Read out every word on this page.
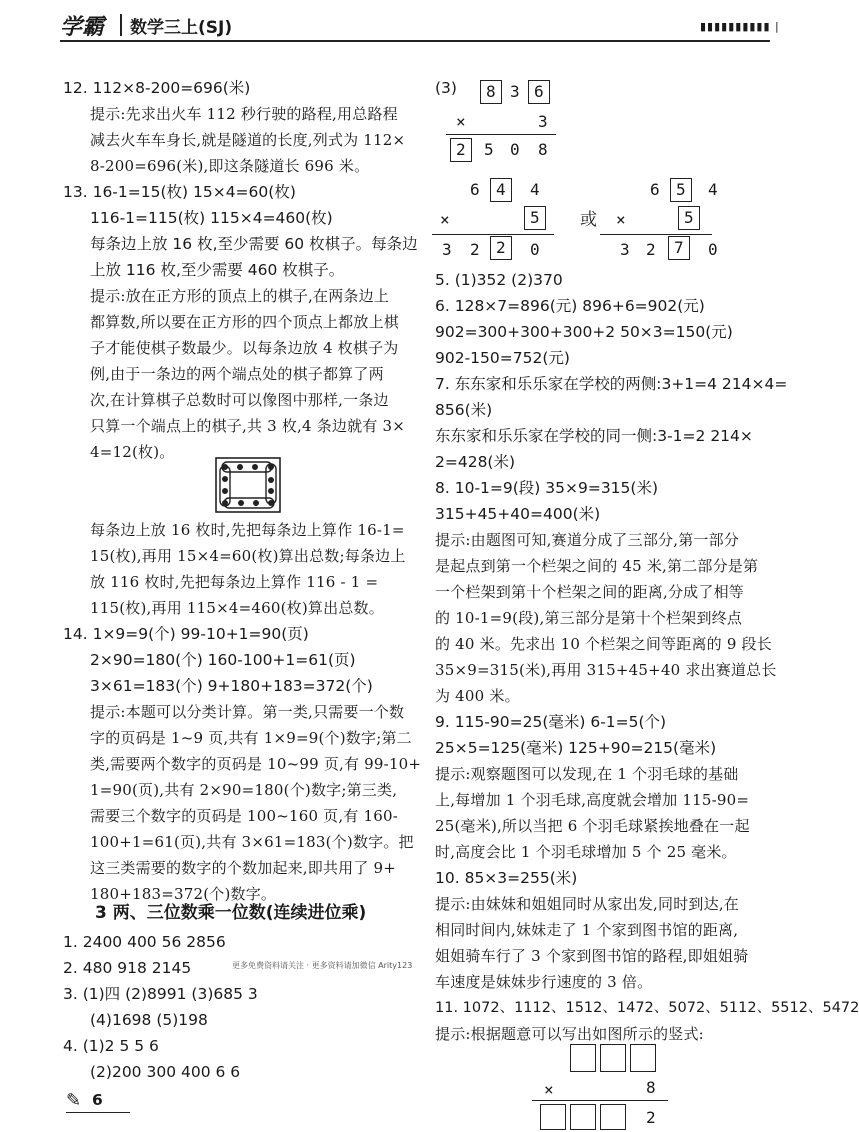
学霸 数学三上(SJ)	▮▮▮▮▮▮▮▮▮▮ |
12. 112×8-200=696(米)
提示:先求出火车 112 秒行驶的路程,用总路程
减去火车车身长,就是隧道的长度,列式为 112×
8-200=696(米),即这条隧道长 696 米。
13. 16-1=15(枚) 15×4=60(枚)
116-1=115(枚) 115×4=460(枚)
每条边上放 16 枚,至少需要 60 枚棋子。每条边
上放 116 枚,至少需要 460 枚棋子。
提示:放在正方形的顶点上的棋子,在两条边上
都算数,所以要在正方形的四个顶点上都放上棋
子才能使棋子数最少。以每条边放 4 枚棋子为
例,由于一条边的两个端点处的棋子都算了两
次,在计算棋子总数时可以像图中那样,一条边
只算一个端点上的棋子,共 3 枚,4 条边就有 3×
4=12(枚)。
每条边上放 16 枚时,先把每条边上算作 16-1=
15(枚),再用 15×4=60(枚)算出总数;每条边上
放 116 枚时,先把每条边上算作 116 - 1 =
115(枚),再用 115×4=460(枚)算出总数。
14. 1×9=9(个) 99-10+1=90(页)
2×90=180(个) 160-100+1=61(页)
3×61=183(个) 9+180+183=372(个)
提示:本题可以分类计算。第一类,只需要一个数
字的页码是 1~9 页,共有 1×9=9(个)数字;第二
类,需要两个数字的页码是 10~99 页,有 99-10+
1=90(页),共有 2×90=180(个)数字;第三类,
需要三个数字的页码是 100~160 页,有 160-
100+1=61(页),共有 3×61=183(个)数字。把
这三类需要的数字的个数加起来,即共用了 9+
180+183=372(个)数字。
3 两、三位数乘一位数(连续进位乘)
1. 2400 400 56 2856
2. 480 918 2145
3. (1)四 (2)8991 (3)685 3
(4)1698 (5)198
4. (1)2 5 5 6
(2)200 300 400 6 6
✎ 6
更多免费资料请关注 · 更多资料请加微信 Arity123
(3) 8 3 6
×	3
2 5 0 8
6 4 4
×	5
3 2 2 0
或
6 5 4
×	5
3 2 7 0
5. (1)352 (2)370
6. 128×7=896(元) 896+6=902(元)
902=300+300+300+2 50×3=150(元)
902-150=752(元)
7. 东东家和乐乐家在学校的两侧:3+1=4 214×4=
856(米)
东东家和乐乐家在学校的同一侧:3-1=2 214×
2=428(米)
8. 10-1=9(段) 35×9=315(米)
315+45+40=400(米)
提示:由题图可知,赛道分成了三部分,第一部分
是起点到第一个栏架之间的 45 米,第二部分是第
一个栏架到第十个栏架之间的距离,分成了相等
的 10-1=9(段),第三部分是第十个栏架到终点
的 40 米。先求出 10 个栏架之间等距离的 9 段长
35×9=315(米),再用 315+45+40 求出赛道总长
为 400 米。
9. 115-90=25(毫米) 6-1=5(个)
25×5=125(毫米) 125+90=215(毫米)
提示:观察题图可以发现,在 1 个羽毛球的基础
上,每增加 1 个羽毛球,高度就会增加 115-90=
25(毫米),所以当把 6 个羽毛球紧挨地叠在一起
时,高度会比 1 个羽毛球增加 5 个 25 毫米。
10. 85×3=255(米)
提示:由妹妹和姐姐同时从家出发,同时到达,在
相同时间内,妹妹走了 1 个家到图书馆的距离,
姐姐骑车行了 3 个家到图书馆的路程,即姐姐骑
车速度是妹妹步行速度的 3 倍。
11. 1072、1112、1512、1472、5072、5112、5512、5472
提示:根据题意可以写出如图所示的竖式:
×	8
2
